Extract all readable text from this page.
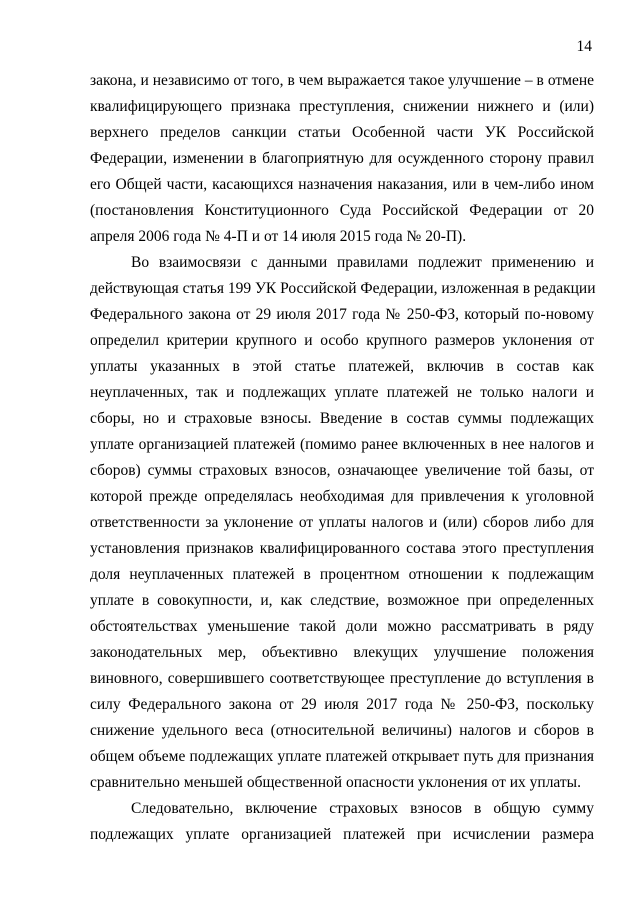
14
закона, и независимо от того, в чем выражается такое улучшение – в отмене
квалифицирующего признака преступления, снижении нижнего и (или)
верхнего пределов санкции статьи Особенной части УК Российской
Федерации, изменении в благоприятную для осужденного сторону правил
его Общей части, касающихся назначения наказания, или в чем-либо ином
(постановления Конституционного Суда Российской Федерации от 20
апреля 2006 года № 4-П и от 14 июля 2015 года № 20-П).
Во взаимосвязи с данными правилами подлежит применению и
действующая статья 199 УК Российской Федерации, изложенная в редакции
Федерального закона от 29 июля 2017 года № 250-ФЗ, который по-новому
определил критерии крупного и особо крупного размеров уклонения от
уплаты указанных в этой статье платежей, включив в состав как
неуплаченных, так и подлежащих уплате платежей не только налоги и
сборы, но и страховые взносы. Введение в состав суммы подлежащих
уплате организацией платежей (помимо ранее включенных в нее налогов и
сборов) суммы страховых взносов, означающее увеличение той базы, от
которой прежде определялась необходимая для привлечения к уголовной
ответственности за уклонение от уплаты налогов и (или) сборов либо для
установления признаков квалифицированного состава этого преступления
доля неуплаченных платежей в процентном отношении к подлежащим
уплате в совокупности, и, как следствие, возможное при определенных
обстоятельствах уменьшение такой доли можно рассматривать в ряду
законодательных мер, объективно влекущих улучшение положения
виновного, совершившего соответствующее преступление до вступления в
силу Федерального закона от 29 июля 2017 года № 250-ФЗ, поскольку
снижение удельного веса (относительной величины) налогов и сборов в
общем объеме подлежащих уплате платежей открывает путь для признания
сравнительно меньшей общественной опасности уклонения от их уплаты.
Следовательно, включение страховых взносов в общую сумму
подлежащих уплате организацией платежей при исчислении размера
